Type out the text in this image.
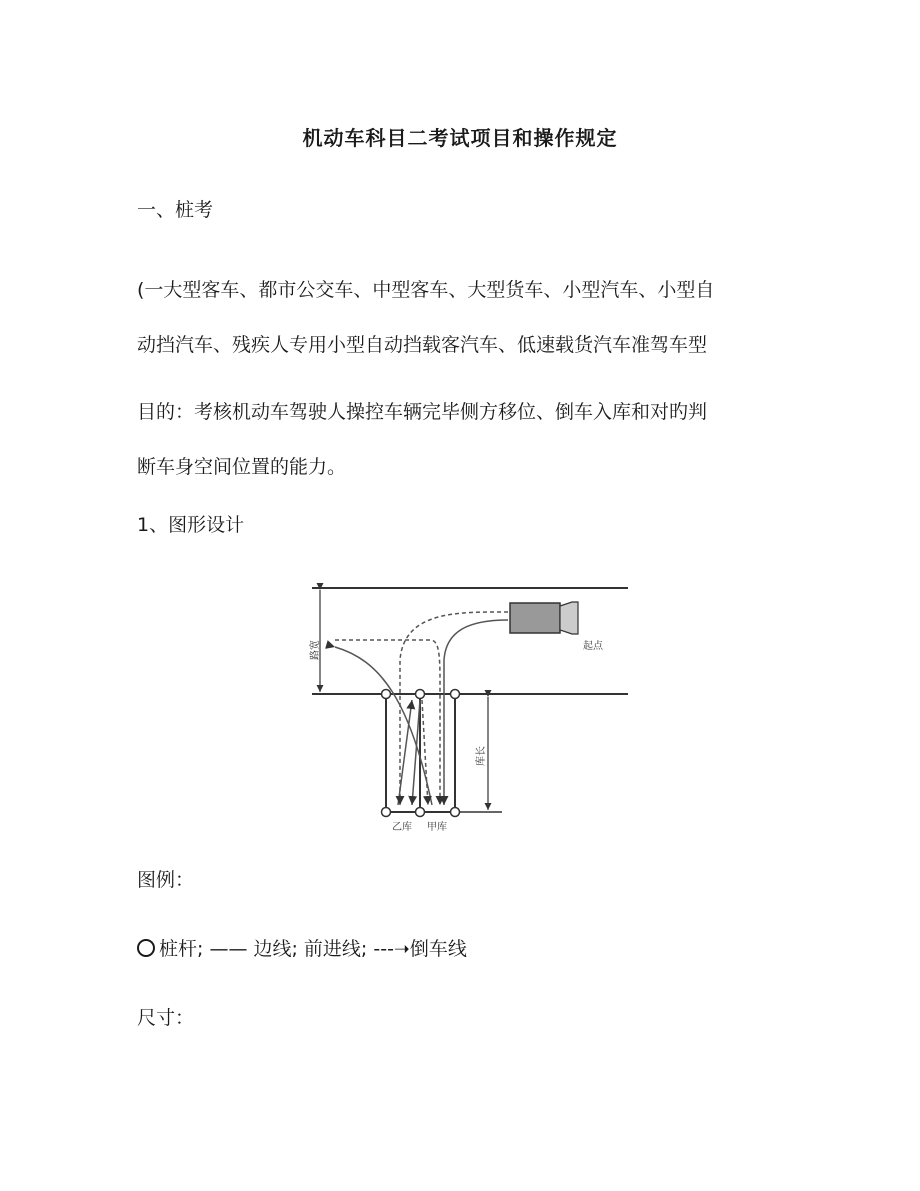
机动车科目二考试项目和操作规定
一、桩考
(一大型客车、都市公交车、中型客车、大型货车、小型汽车、小型自
动挡汽车、残疾人专用小型自动挡载客汽车、低速载货汽车准驾车型
目的：考核机动车驾驶人操控车辆完毕侧方移位、倒车入库和对旳判
断车身空间位置的能力。
1、图形设计
路宽
库长
起点
乙库 甲库
图例：
桩杆; —— 边线; 前进线; ---➝倒车线
尺寸：
